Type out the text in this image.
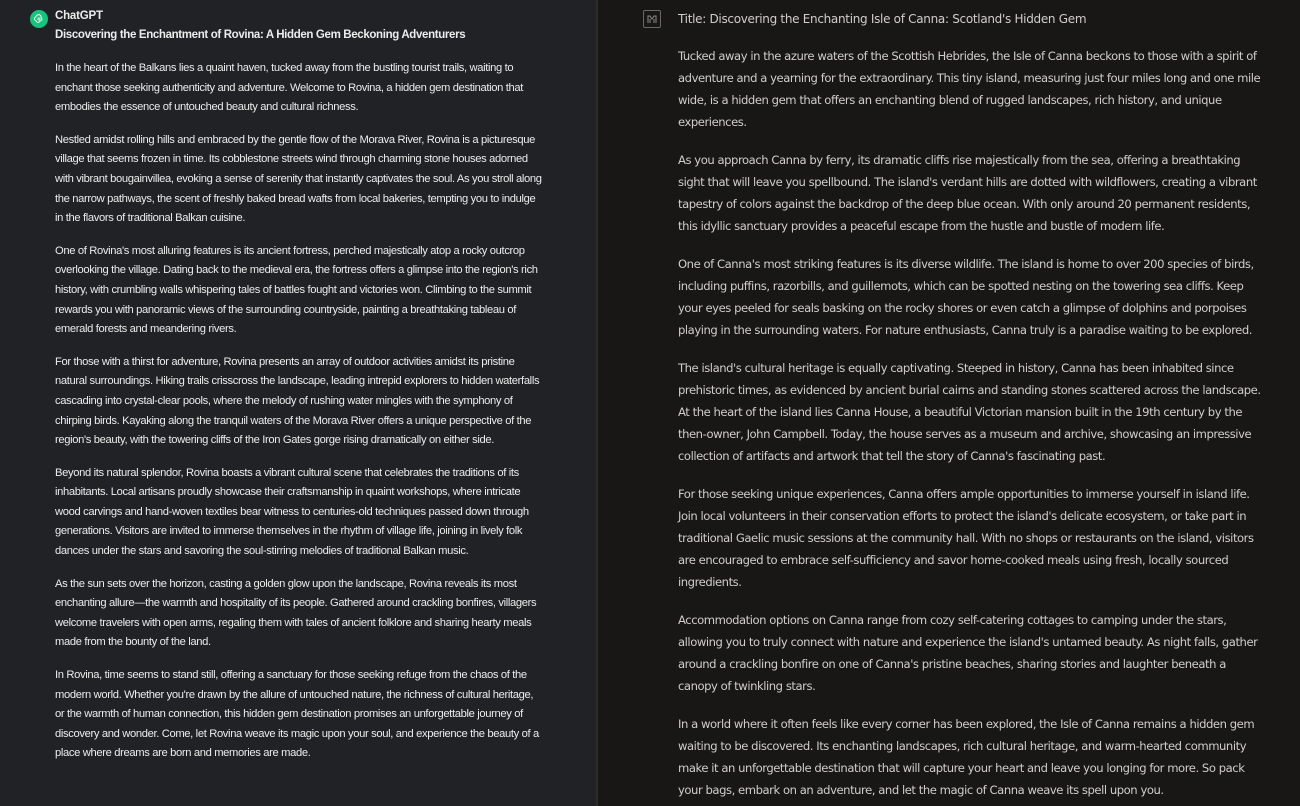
ChatGPT
Discovering the Enchantment of Rovina: A Hidden Gem Beckoning Adventurers

In the heart of the Balkans lies a quaint haven, tucked away from the bustling tourist trails, waiting to enchant those seeking authenticity and adventure. Welcome to Rovina, a hidden gem destination that embodies the essence of untouched beauty and cultural richness.

Nestled amidst rolling hills and embraced by the gentle flow of the Morava River, Rovina is a picturesque village that seems frozen in time. Its cobblestone streets wind through charming stone houses adorned with vibrant bougainvillea, evoking a sense of serenity that instantly captivates the soul. As you stroll along the narrow pathways, the scent of freshly baked bread wafts from local bakeries, tempting you to indulge in the flavors of traditional Balkan cuisine.

One of Rovina's most alluring features is its ancient fortress, perched majestically atop a rocky outcrop overlooking the village. Dating back to the medieval era, the fortress offers a glimpse into the region's rich history, with crumbling walls whispering tales of battles fought and victories won. Climbing to the summit rewards you with panoramic views of the surrounding countryside, painting a breathtaking tableau of emerald forests and meandering rivers.

For those with a thirst for adventure, Rovina presents an array of outdoor activities amidst its pristine natural surroundings. Hiking trails crisscross the landscape, leading intrepid explorers to hidden waterfalls cascading into crystal-clear pools, where the melody of rushing water mingles with the symphony of chirping birds. Kayaking along the tranquil waters of the Morava River offers a unique perspective of the region's beauty, with the towering cliffs of the Iron Gates gorge rising dramatically on either side.

Beyond its natural splendor, Rovina boasts a vibrant cultural scene that celebrates the traditions of its inhabitants. Local artisans proudly showcase their craftsmanship in quaint workshops, where intricate wood carvings and hand-woven textiles bear witness to centuries-old techniques passed down through generations. Visitors are invited to immerse themselves in the rhythm of village life, joining in lively folk dances under the stars and savoring the soul-stirring melodies of traditional Balkan music.

As the sun sets over the horizon, casting a golden glow upon the landscape, Rovina reveals its most enchanting allure—the warmth and hospitality of its people. Gathered around crackling bonfires, villagers welcome travelers with open arms, regaling them with tales of ancient folklore and sharing hearty meals made from the bounty of the land.

In Rovina, time seems to stand still, offering a sanctuary for those seeking refuge from the chaos of the modern world. Whether you're drawn by the allure of untouched nature, the richness of cultural heritage, or the warmth of human connection, this hidden gem destination promises an unforgettable journey of discovery and wonder. Come, let Rovina weave its magic upon your soul, and experience the beauty of a place where dreams are born and memories are made.

Title: Discovering the Enchanting Isle of Canna: Scotland's Hidden Gem

Tucked away in the azure waters of the Scottish Hebrides, the Isle of Canna beckons to those with a spirit of adventure and a yearning for the extraordinary. This tiny island, measuring just four miles long and one mile wide, is a hidden gem that offers an enchanting blend of rugged landscapes, rich history, and unique experiences.

As you approach Canna by ferry, its dramatic cliffs rise majestically from the sea, offering a breathtaking sight that will leave you spellbound. The island's verdant hills are dotted with wildflowers, creating a vibrant tapestry of colors against the backdrop of the deep blue ocean. With only around 20 permanent residents, this idyllic sanctuary provides a peaceful escape from the hustle and bustle of modern life.

One of Canna's most striking features is its diverse wildlife. The island is home to over 200 species of birds, including puffins, razorbills, and guillemots, which can be spotted nesting on the towering sea cliffs. Keep your eyes peeled for seals basking on the rocky shores or even catch a glimpse of dolphins and porpoises playing in the surrounding waters. For nature enthusiasts, Canna truly is a paradise waiting to be explored.

The island's cultural heritage is equally captivating. Steeped in history, Canna has been inhabited since prehistoric times, as evidenced by ancient burial cairns and standing stones scattered across the landscape. At the heart of the island lies Canna House, a beautiful Victorian mansion built in the 19th century by the then-owner, John Campbell. Today, the house serves as a museum and archive, showcasing an impressive collection of artifacts and artwork that tell the story of Canna's fascinating past.

For those seeking unique experiences, Canna offers ample opportunities to immerse yourself in island life. Join local volunteers in their conservation efforts to protect the island's delicate ecosystem, or take part in traditional Gaelic music sessions at the community hall. With no shops or restaurants on the island, visitors are encouraged to embrace self-sufficiency and savor home-cooked meals using fresh, locally sourced ingredients.

Accommodation options on Canna range from cozy self-catering cottages to camping under the stars, allowing you to truly connect with nature and experience the island's untamed beauty. As night falls, gather around a crackling bonfire on one of Canna's pristine beaches, sharing stories and laughter beneath a canopy of twinkling stars.

In a world where it often feels like every corner has been explored, the Isle of Canna remains a hidden gem waiting to be discovered. Its enchanting landscapes, rich cultural heritage, and warm-hearted community make it an unforgettable destination that will capture your heart and leave you longing for more. So pack your bags, embark on an adventure, and let the magic of Canna weave its spell upon you.
